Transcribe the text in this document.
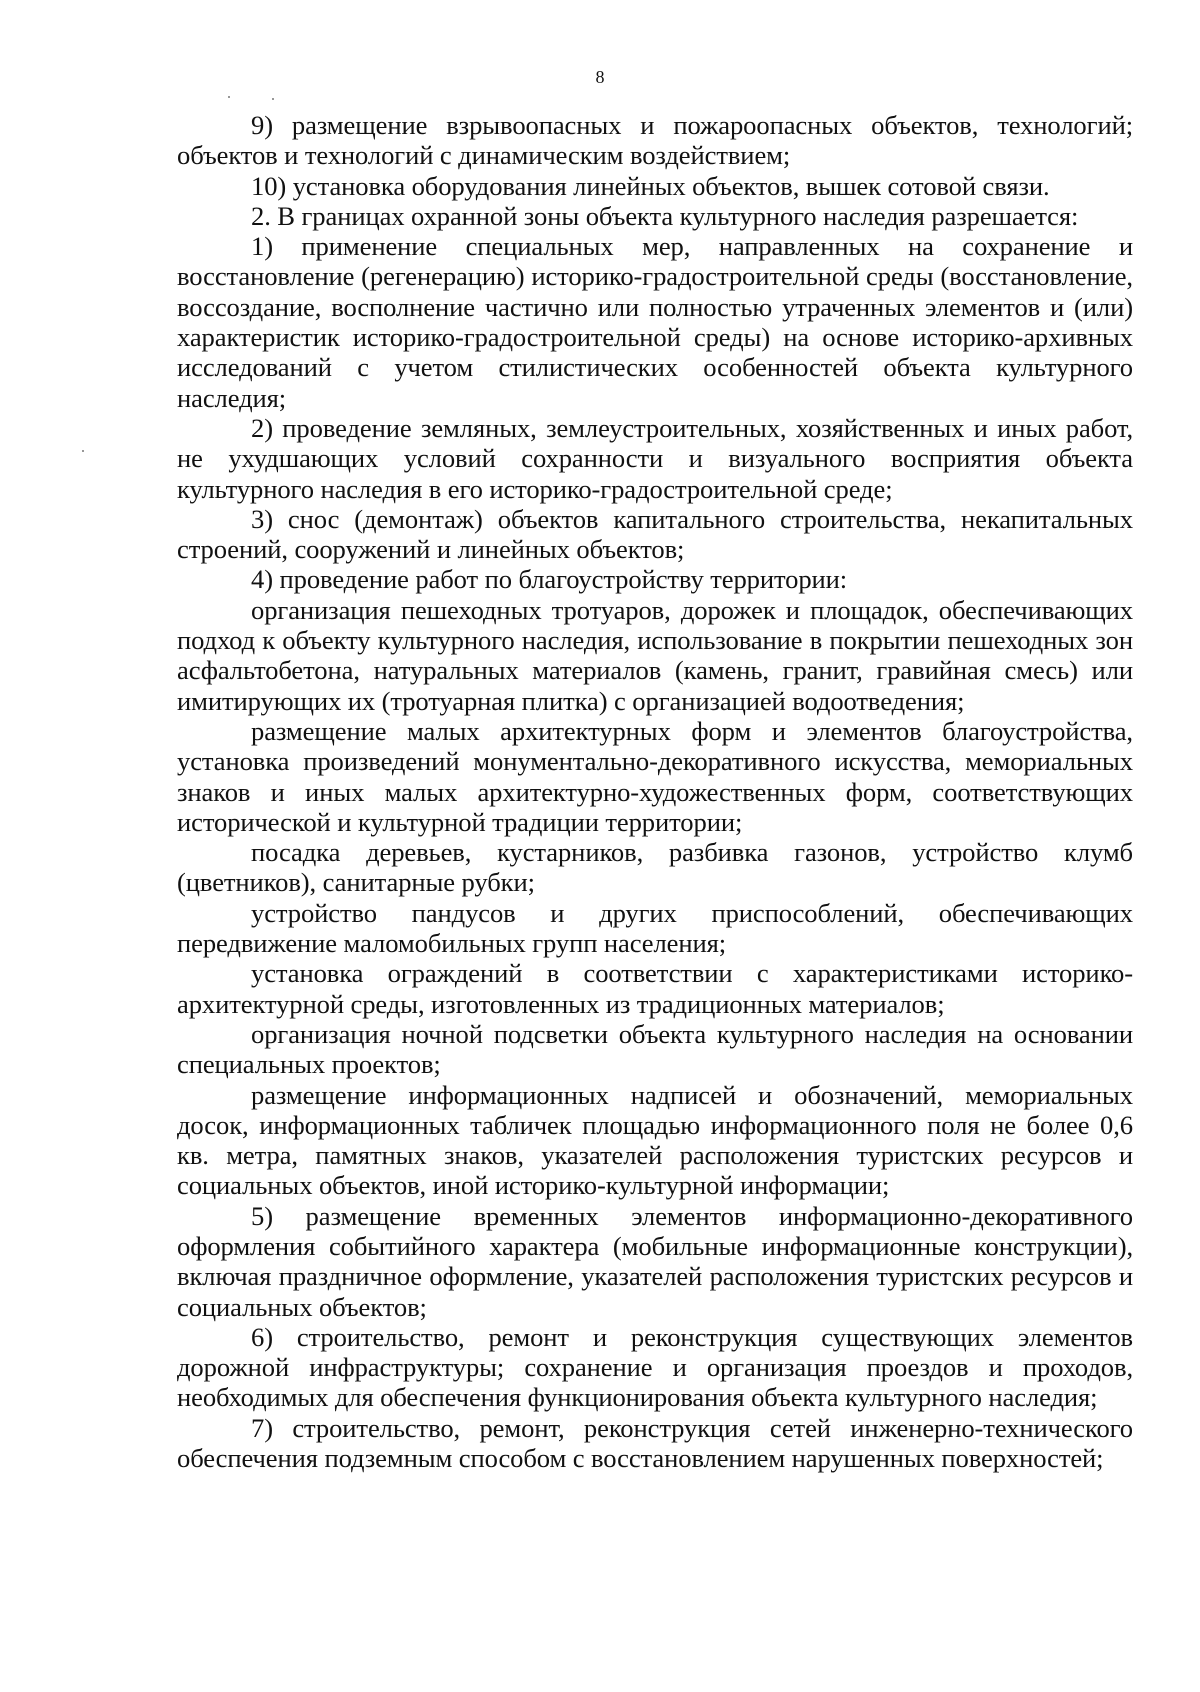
8

9) размещение взрывоопасных и пожароопасных объектов, технологий; объектов и технологий с динамическим воздействием;

10) установка оборудования линейных объектов, вышек сотовой связи.

2. В границах охранной зоны объекта культурного наследия разрешается:

1) применение специальных мер, направленных на сохранение и восстановление (регенерацию) историко-градостроительной среды (восстановление, воссоздание, восполнение частично или полностью утраченных элементов и (или) характеристик историко-градостроительной среды) на основе историко-архивных исследований с учетом стилистических особенностей объекта культурного наследия;

2) проведение земляных, землеустроительных, хозяйственных и иных работ, не ухудшающих условий сохранности и визуального восприятия объекта культурного наследия в его историко-градостроительной среде;

3) снос (демонтаж) объектов капитального строительства, некапитальных строений, сооружений и линейных объектов;

4) проведение работ по благоустройству территории:

организация пешеходных тротуаров, дорожек и площадок, обеспечивающих подход к объекту культурного наследия, использование в покрытии пешеходных зон асфальтобетона, натуральных материалов (камень, гранит, гравийная смесь) или имитирующих их (тротуарная плитка) с организацией водоотведения;

размещение малых архитектурных форм и элементов благоустройства, установка произведений монументально-декоративного искусства, мемориальных знаков и иных малых архитектурно-художественных форм, соответствующих исторической и культурной традиции территории;

посадка деревьев, кустарников, разбивка газонов, устройство клумб (цветников), санитарные рубки;

устройство пандусов и других приспособлений, обеспечивающих передвижение маломобильных групп населения;

установка ограждений в соответствии с характеристиками историко-архитектурной среды, изготовленных из традиционных материалов;

организация ночной подсветки объекта культурного наследия на основании специальных проектов;

размещение информационных надписей и обозначений, мемориальных досок, информационных табличек площадью информационного поля не более 0,6 кв. метра, памятных знаков, указателей расположения туристских ресурсов и социальных объектов, иной историко-культурной информации;

5) размещение временных элементов информационно-декоративного оформления событийного характера (мобильные информационные конструкции), включая праздничное оформление, указателей расположения туристских ресурсов и социальных объектов;

6) строительство, ремонт и реконструкция существующих элементов дорожной инфраструктуры; сохранение и организация проездов и проходов, необходимых для обеспечения функционирования объекта культурного наследия;

7) строительство, ремонт, реконструкция сетей инженерно-технического обеспечения подземным способом с восстановлением нарушенных поверхностей;
